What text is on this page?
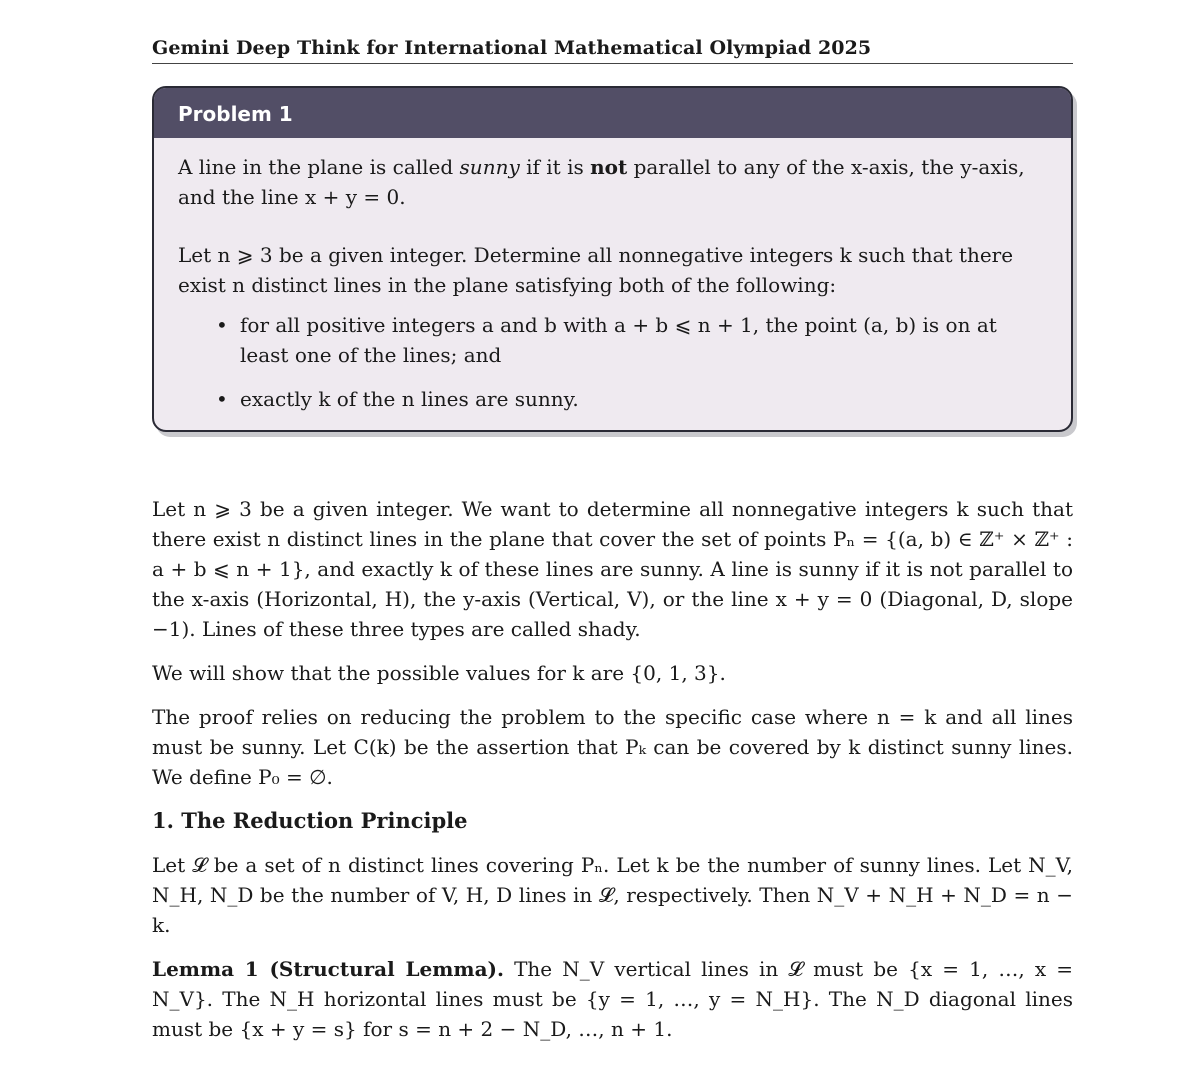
Gemini Deep Think for International Mathematical Olympiad 2025
Problem 1

A line in the plane is called sunny if it is not parallel to any of the x-axis, the y-axis, and the line x + y = 0.

Let n ⩾ 3 be a given integer. Determine all nonnegative integers k such that there exist n distinct lines in the plane satisfying both of the following:

• for all positive integers a and b with a + b ⩽ n + 1, the point (a, b) is on at least one of the lines; and
• exactly k of the n lines are sunny.

Let n ⩾ 3 be a given integer. We want to determine all nonnegative integers k such that there exist n distinct lines in the plane that cover the set of points Pₙ = {(a, b) ∈ ℤ⁺ × ℤ⁺ : a + b ⩽ n + 1}, and exactly k of these lines are sunny. A line is sunny if it is not parallel to the x-axis (Horizontal, H), the y-axis (Vertical, V), or the line x + y = 0 (Diagonal, D, slope −1). Lines of these three types are called shady.

We will show that the possible values for k are {0, 1, 3}.

The proof relies on reducing the problem to the specific case where n = k and all lines must be sunny. Let C(k) be the assertion that Pₖ can be covered by k distinct sunny lines. We define P₀ = ∅.

1. The Reduction Principle

Let 𝓛 be a set of n distinct lines covering Pₙ. Let k be the number of sunny lines. Let N_V, N_H, N_D be the number of V, H, D lines in 𝓛, respectively. Then N_V + N_H + N_D = n − k.

Lemma 1 (Structural Lemma). The N_V vertical lines in 𝓛 must be {x = 1, …, x = N_V}. The N_H horizontal lines must be {y = 1, …, y = N_H}. The N_D diagonal lines must be {x + y = s} for s = n + 2 − N_D, …, n + 1.
